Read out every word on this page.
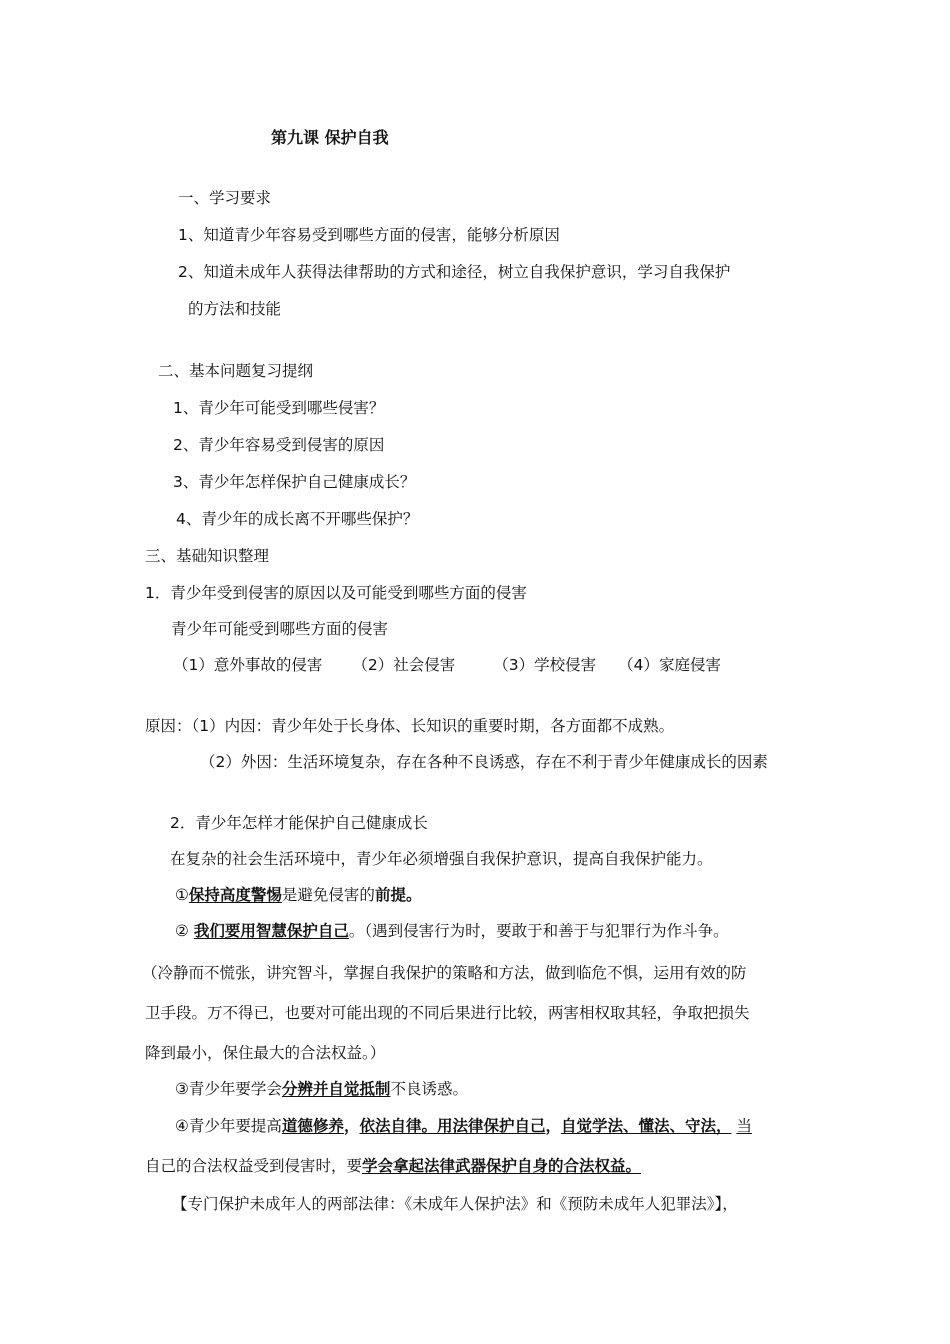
第九课 保护自我
一、学习要求
1、知道青少年容易受到哪些方面的侵害，能够分析原因
2、知道未成年人获得法律帮助的方式和途径，树立自我保护意识，学习自我保护
的方法和技能
二、基本问题复习提纲
1、青少年可能受到哪些侵害？
2、青少年容易受到侵害的原因
3、青少年怎样保护自己健康成长？
4、青少年的成长离不开哪些保护？
三、基础知识整理
1．青少年受到侵害的原因以及可能受到哪些方面的侵害
青少年可能受到哪些方面的侵害
（1）意外事故的侵害 （2）社会侵害 （3）学校侵害 （4）家庭侵害
原因：（1）内因：青少年处于长身体、长知识的重要时期，各方面都不成熟。
（2）外因：生活环境复杂，存在各种不良诱惑，存在不利于青少年健康成长的因素
2．青少年怎样才能保护自己健康成长
在复杂的社会生活环境中，青少年必须增强自我保护意识，提高自我保护能力。
①保持高度警惕是避免侵害的前提。
② 我们要用智慧保护自己。（遇到侵害行为时，要敢于和善于与犯罪行为作斗争。
（冷静而不慌张，讲究智斗，掌握自我保护的策略和方法，做到临危不惧，运用有效的防
卫手段。万不得已，也要对可能出现的不同后果进行比较，两害相权取其轻，争取把损失
降到最小，保住最大的合法权益。）
③青少年要学会分辨并自觉抵制不良诱惑。
④青少年要提高道德修养，依法自律。用法律保护自己，自觉学法、懂法、守法， 当
自己的合法权益受到侵害时，要学会拿起法律武器保护自身的合法权益。
【专门保护未成年人的两部法律：《未成年人保护法》和《预防未成年人犯罪法》】，
